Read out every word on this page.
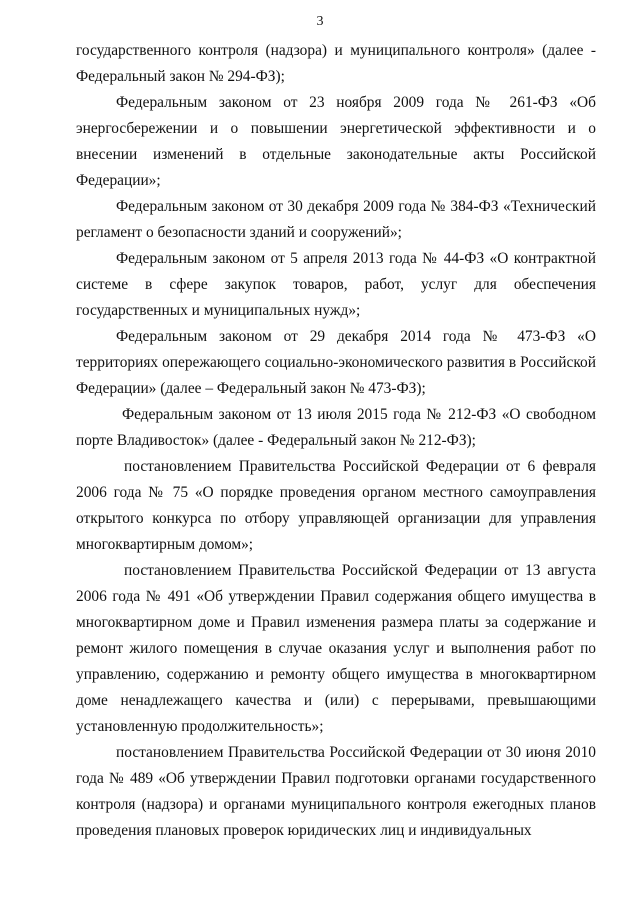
3

государственного контроля (надзора) и муниципального контроля» (далее - Федеральный закон № 294-ФЗ);

Федеральным законом от 23 ноября 2009 года № 261-ФЗ «Об энергосбережении и о повышении энергетической эффективности и о внесении изменений в отдельные законодательные акты Российской Федерации»;

Федеральным законом от 30 декабря 2009 года № 384-ФЗ «Технический регламент о безопасности зданий и сооружений»;

Федеральным законом от 5 апреля 2013 года № 44-ФЗ «О контрактной системе в сфере закупок товаров, работ, услуг для обеспечения государственных и муниципальных нужд»;

Федеральным законом от 29 декабря 2014 года № 473-ФЗ «О территориях опережающего социально-экономического развития в Российской Федерации» (далее – Федеральный закон № 473-ФЗ);

Федеральным законом от 13 июля 2015 года № 212-ФЗ «О свободном порте Владивосток» (далее - Федеральный закон № 212-ФЗ);

постановлением Правительства Российской Федерации от 6 февраля 2006 года № 75 «О порядке проведения органом местного самоуправления открытого конкурса по отбору управляющей организации для управления многоквартирным домом»;

постановлением Правительства Российской Федерации от 13 августа 2006 года № 491 «Об утверждении Правил содержания общего имущества в многоквартирном доме и Правил изменения размера платы за содержание и ремонт жилого помещения в случае оказания услуг и выполнения работ по управлению, содержанию и ремонту общего имущества в многоквартирном доме ненадлежащего качества и (или) с перерывами, превышающими установленную продолжительность»;

постановлением Правительства Российской Федерации от 30 июня 2010 года № 489 «Об утверждении Правил подготовки органами государственного контроля (надзора) и органами муниципального контроля ежегодных планов проведения плановых проверок юридических лиц и индивидуальных
